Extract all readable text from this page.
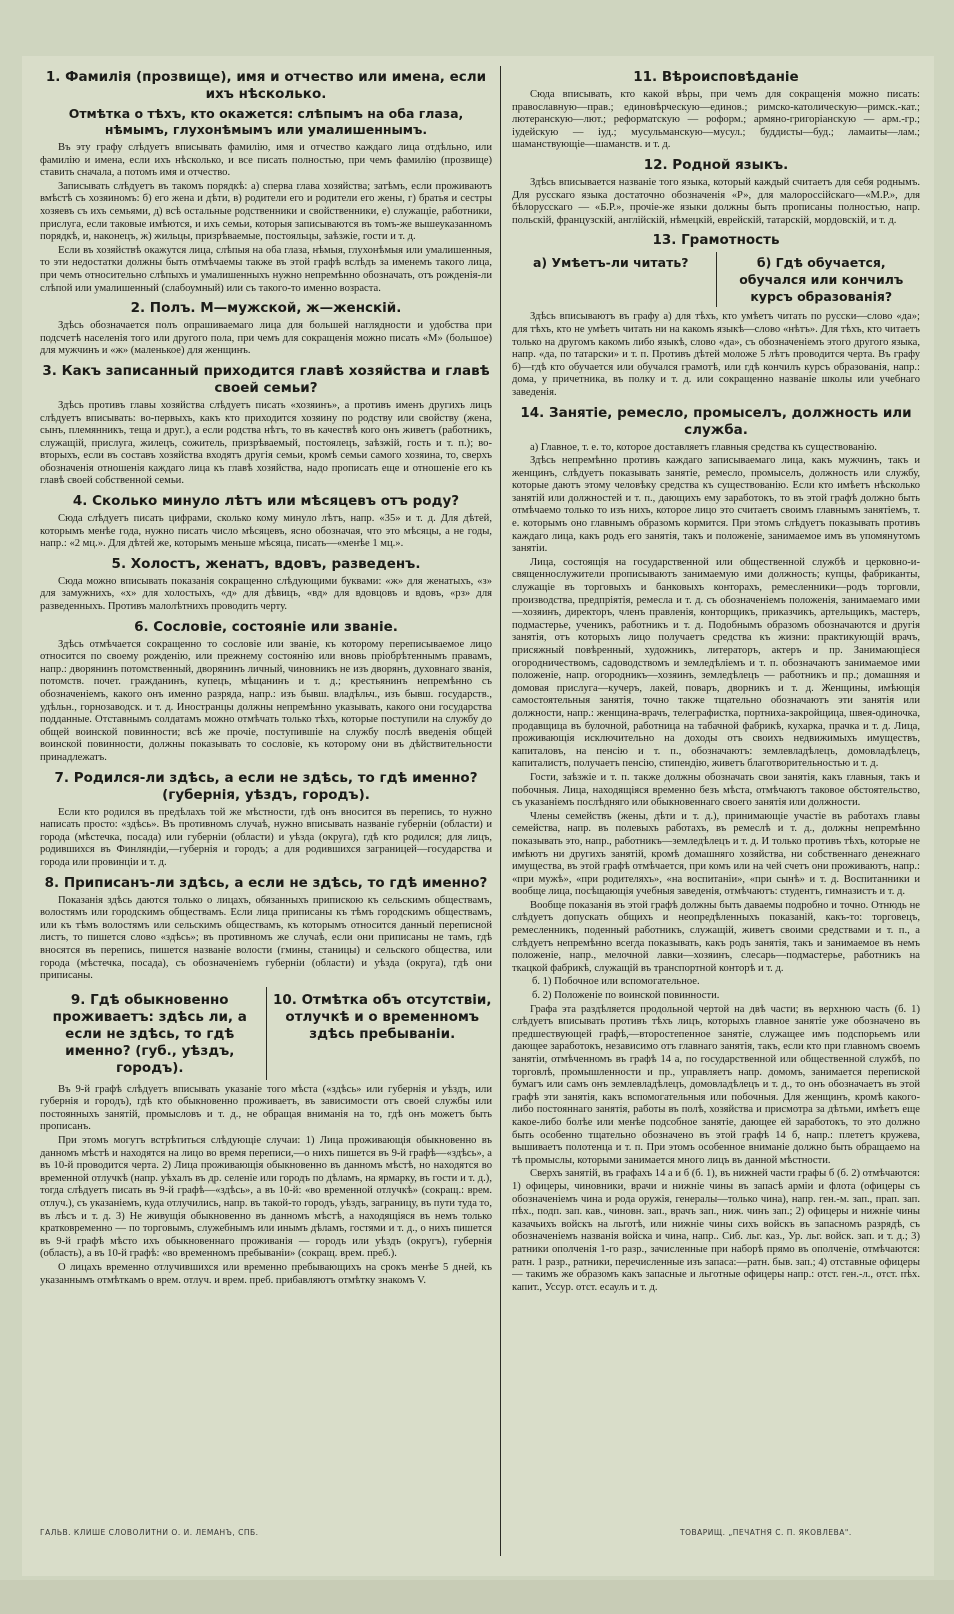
1. Фамилія (прозвище), имя и отчество или имена, если ихъ нѣсколько.
Отмѣтка о тѣхъ, кто окажется: слѣпымъ на оба глаза, нѣмымъ, глухонѣмымъ или умалишеннымъ.

Въ эту графу слѣдуетъ вписывать фамилію, имя и отчество каждаго лица отдѣльно, или фамилію и имена, если ихъ нѣсколько, и все писать полностью, при чемъ фамилію (прозвище) ставить сначала, а потомъ имя и отчество.

Записывать слѣдуетъ въ такомъ порядкѣ: а) сперва глава хозяйства; затѣмъ, если проживаютъ вмѣстѣ съ хозяиномъ: б) его жена и дѣти, в) родители его и родители его жены, г) братья и сестры хозяевъ съ ихъ семьями, д) всѣ остальные родственники и свойственники, е) служащіе, работники, прислуга, если таковые имѣются, и ихъ семьи, которыя записываются въ томъ-же вышеуказанномъ порядкѣ, и, наконецъ, ж) жильцы, призрѣваемые, постояльцы, заѣзжіе, гости и т. д.

Если въ хозяйствѣ окажутся лица, слѣпыя на оба глаза, нѣмыя, глухонѣмыя или умалишенныя, то эти недостатки должны быть отмѣчаемы также въ этой графѣ вслѣдъ за именемъ такого лица, при чемъ относительно слѣпыхъ и умалишенныхъ нужно непремѣнно обозначать, отъ рожденія-ли слѣпой или умалишенный (слабоумный) или съ такого-то именно возраста.

2. Полъ. М—мужской, ж—женскій.

Здѣсь обозначается полъ опрашиваемаго лица для большей наглядности и удобства при подсчетѣ населенія того или другого пола, при чемъ для сокращенія можно писать «М» (большое) для мужчинъ и «ж» (маленькое) для женщинъ.

3. Какъ записанный приходится главѣ хозяйства и главѣ своей семьи?

Здѣсь противъ главы хозяйства слѣдуетъ писать «хозяинъ», а противъ именъ другихъ лицъ слѣдуетъ вписывать: во-первыхъ, какъ кто приходится хозяину по родству или свойству (жена, сынъ, племянникъ, теща и друг.), а если родства нѣтъ, то въ качествѣ кого онъ живетъ (работникъ, служащій, прислуга, жилецъ, сожитель, призрѣваемый, постоялецъ, заѣзжій, гость и т. п.); во-вторыхъ, если въ составъ хозяйства входятъ другія семьи, кромѣ семьи самого хозяина, то, сверхъ обозначенія отношенія каждаго лица къ главѣ хозяйства, надо прописать еще и отношеніе его къ главѣ своей собственной семьи.

4. Сколько минуло лѣтъ или мѣсяцевъ отъ роду?

Сюда слѣдуетъ писать цифрами, сколько кому минуло лѣтъ, напр. «35» и т. д. Для дѣтей, которымъ менѣе года, нужно писать число мѣсяцевъ, ясно обозначая, что это мѣсяцы, а не годы, напр.: «2 мц.». Для дѣтей же, которымъ меньше мѣсяца, писать—«менѣе 1 мц.».

5. Холостъ, женатъ, вдовъ, разведенъ.

Сюда можно вписывать показанія сокращенно слѣдующими буквами: «ж» для женатыхъ, «з» для замужнихъ, «х» для холостыхъ, «д» для дѣвицъ, «вд» для вдовцовъ и вдовъ, «рз» для разведенныхъ. Противъ малолѣтнихъ проводить черту.

6. Сословіе, состояніе или званіе.

Здѣсь отмѣчается сокращенно то сословіе или званіе, къ которому переписываемое лицо относится по своему рожденію, или прежнему состоянію или вновь пріобрѣтеннымъ правамъ, напр.: дворянинъ потомственный, дворянинъ личный, чиновникъ не изъ дворянъ, духовнаго званія, потомств. почет. гражданинъ, купецъ, мѣщанинъ и т. д.; крестьянинъ непремѣнно съ обозначеніемъ, какого онъ именно разряда, напр.: изъ бывш. владѣльч., изъ бывш. государств., удѣльн., горнозаводск. и т. д. Иностранцы должны непремѣнно указывать, какого они государства подданные. Отставнымъ солдатамъ можно отмѣчать только тѣхъ, которые поступили на службу до общей воинской повинности; всѣ же прочіе, поступившіе на службу послѣ введенія общей воинской повинности, должны показывать то сословіе, къ которому они въ дѣйствительности принадлежатъ.

7. Родился-ли здѣсь, а если не здѣсь, то гдѣ именно? (губернія, уѣздъ, городъ).

Если кто родился въ предѣлахъ той же мѣстности, гдѣ онъ вносится въ перепись, то нужно написать просто: «здѣсь». Въ противномъ случаѣ, нужно вписывать названіе губерніи (области) и города (мѣстечка, посада) или губерніи (области) и уѣзда (округа), гдѣ кто родился; для лицъ, родившихся въ Финляндіи,—губернія и городъ; а для родившихся заграницей—государства и города или провинціи и т. д.

8. Приписанъ-ли здѣсь, а если не здѣсь, то гдѣ именно?

Показанія здѣсь даются только о лицахъ, обязанныхъ припискою къ сельскимъ обществамъ, волостямъ или городскимъ обществамъ. Если лица приписаны къ тѣмъ городскимъ обществамъ, или къ тѣмъ волостямъ или сельскимъ обществамъ, къ которымъ относится данный переписной листъ, то пишется слово «здѣсь»; въ противномъ же случаѣ, если они приписаны не тамъ, гдѣ вносятся въ перепись, пишется названіе волости (гмины, станицы) и сельского общества, или города (мѣстечка, посада), съ обозначеніемъ губерніи (области) и уѣзда (округа), гдѣ они приписаны.

9. Гдѣ обыкновенно проживаетъ: здѣсь ли, а если не здѣсь, то гдѣ именно? (губ., уѣздъ, городъ).
10. Отмѣтка объ отсутствіи, отлучкѣ и о временномъ здѣсь пребываніи.

Въ 9-й графѣ слѣдуетъ вписывать указаніе того мѣста («здѣсь» или губернія и уѣздъ, или губернія и городъ), гдѣ кто обыкновенно проживаетъ, въ зависимости отъ своей службы или постоянныхъ занятій, промысловъ и т. д., не обращая вниманія на то, гдѣ онъ можетъ быть прописанъ.

При этомъ могутъ встрѣтиться слѣдующіе случаи: 1) Лица проживающія обыкновенно въ данномъ мѣстѣ и находятся на лицо во время переписи,—о нихъ пишется въ 9-й графѣ—«здѣсь», а въ 10-й проводится черта. 2) Лица проживающія обыкновенно въ данномъ мѣстѣ, но находятся во временной отлучкѣ (напр. уѣхалъ въ др. селеніе или городъ по дѣламъ, на ярмарку, въ гости и т. д.), тогда слѣдуетъ писать въ 9-й графѣ—«здѣсь», а въ 10-й: «во временной отлучкѣ» (сокращ.: врем. отлуч.), съ указаніемъ, куда отлучились, напр. въ такой-то городъ, уѣздъ, заграницу, въ пути туда то, въ лѣсъ и т. д. 3) Не живущія обыкновенно въ данномъ мѣстѣ, а находящіяся въ немъ только кратковременно — по торговымъ, служебнымъ или инымъ дѣламъ, гостями и т. д., о нихъ пишется въ 9-й графѣ мѣсто ихъ обыкновеннаго проживанія — городъ или уѣздъ (округъ), губернія (область), а въ 10-й графѣ: «во временномъ пребываніи» (сокращ. врем. преб.).

О лицахъ временно отлучившихся или временно пребывающихъ на срокъ менѣе 5 дней, къ указаннымъ отмѣткамъ о врем. отлуч. и врем. преб. прибавляютъ отмѣтку знакомъ V.

11. Вѣроисповѣданіе

Сюда вписывать, кто какой вѣры, при чемъ для сокращенія можно писать: православную—прав.; единовѣрческую—единов.; римско-католическую—римск.-кат.; лютеранскую—лют.; реформатскую — роформ.; армяно-григоріанскую — арм.-гр.; іудейскую — іуд.; мусульманскую—мусул.; буддисты—буд.; ламаиты—лам.; шаманствующіе—шаманств. и т. д.

12. Родной языкъ.

Здѣсь вписывается названіе того языка, который каждый считаетъ для себя роднымъ. Для русскаго языка достаточно обозначенія «Р», для малороссійскаго—«М.Р.», для бѣлорусскаго — «Б.Р.», прочіе-же языки должны быть прописаны полностью, напр. польскій, французскій, англійскій, нѣмецкій, еврейскій, татарскій, мордовскій, и т. д.

13. Грамотность
а) Умѣетъ-ли читать?	б) Гдѣ обучается, обучался или кончилъ курсъ образованія?

Здѣсь вписываютъ въ графу а) для тѣхъ, кто умѣетъ читать по русски—слово «да»; для тѣхъ, кто не умѣетъ читать ни на какомъ языкѣ—слово «нѣтъ». Для тѣхъ, кто читаетъ только на другомъ какомъ либо языкѣ, слово «да», съ обозначеніемъ этого другого языка, напр. «да, по татарски» и т. п. Противъ дѣтей моложе 5 лѣтъ проводится черта. Въ графу б)—гдѣ кто обучается или обучался грамотѣ, или гдѣ кончилъ курсъ образованія, напр.: дома, у причетника, въ полку и т. д. или сокращенно названіе школы или учебнаго заведенія.

14. Занятіе, ремесло, промыселъ, должность или служба.

а) Главное, т. е. то, которое доставляетъ главныя средства къ существованію.

Здѣсь непремѣнно противъ каждаго записываемаго лица, какъ мужчинъ, такъ и женщинъ, слѣдуетъ показывать занятіе, ремесло, промыселъ, должность или службу, которые даютъ этому человѣку средства къ существованію. Если кто имѣетъ нѣсколько занятій или должностей и т. п., дающихъ ему заработокъ, то въ этой графѣ должно быть отмѣчаемо только то изъ нихъ, которое лицо это считаетъ своимъ главнымъ занятіемъ, т. е. которымъ оно главнымъ образомъ кормится. При этомъ слѣдуетъ показывать противъ каждаго лица, какъ родъ его занятія, такъ и положеніе, занимаемое имъ въ упомянутомъ занятіи.

Лица, состоящія на государственной или общественной службѣ и церковно-и-священнослужители прописываютъ занимаемую ими должность; купцы, фабриканты, служащіе въ торговыхъ и банковыхъ конторахъ, ремесленники—родъ торговли, производства, предпріятія, ремесла и т. д. съ обозначеніемъ положенія, занимаемаго ими—хозяинъ, директоръ, членъ правленія, конторщикъ, приказчикъ, артельщикъ, мастеръ, подмастерье, ученикъ, работникъ и т. д. Подобнымъ образомъ обозначаются и другія занятія, отъ которыхъ лицо получаетъ средства къ жизни: практикующій врачъ, присяжный повѣренный, художникъ, литераторъ, актеръ и пр. Занимающіеся огородничествомъ, садоводствомъ и земледѣліемъ и т. п. обозначаютъ занимаемое ими положеніе, напр. огородникъ—хозяинъ, земледѣлецъ — работникъ и пр.; домашняя и домовая прислуга—кучеръ, лакей, поваръ, дворникъ и т. д. Женщины, имѣющія самостоятельныя занятія, точно также тщательно обозначаютъ эти занятія или должности, напр.: женщина-врачъ, телеграфистка, портниха-закройщица, швея-одиночка, продавщица въ булочной, работница на табачной фабрикѣ, кухарка, прачка и т. д. Лица, проживающія исключительно на доходы отъ своихъ недвижимыхъ имуществъ, капиталовъ, на пенсію и т. п., обозначаютъ: землевладѣлецъ, домовладѣлецъ, капиталистъ, получаетъ пенсію, стипендію, живетъ благотворительностью и т. д.

Гости, заѣзжіе и т. п. также должны обозначать свои занятія, какъ главныя, такъ и побочныя. Лица, находящіяся временно безъ мѣста, отмѣчаютъ таковое обстоятельство, съ указаніемъ послѣдняго или обыкновеннаго своего занятія или должности.

Члены семействъ (жены, дѣти и т. д.), принимающіе участіе въ работахъ главы семейства, напр. въ полевыхъ работахъ, въ ремеслѣ и т. д., должны непремѣнно показывать это, напр., работникъ—земледѣлецъ и т. д. И только противъ тѣхъ, которые не имѣютъ ни другихъ занятій, кромѣ домашняго хозяйства, ни собственнаго денежнаго имущества, въ этой графѣ отмѣчается, при комъ или на чей счетъ они проживаютъ, напр.: «при мужѣ», «при родителяхъ», «на воспитаніи», «при сынѣ» и т. д. Воспитанники и вообще лица, посѣщающія учебныя заведенія, отмѣчаютъ: студентъ, гимназистъ и т. д.

Вообще показанія въ этой графѣ должны быть даваемы подробно и точно. Отнюдь не слѣдуетъ допускать общихъ и неопредѣленныхъ показаній, какъ-то: торговецъ, ремесленникъ, поденный работникъ, служащій, живетъ своими средствами и т. п., а слѣдуетъ непремѣнно всегда показывать, какъ родъ занятія, такъ и занимаемое въ немъ положеніе, напр., мелочной лавки—хозяинъ, слесарь—подмастерье, работникъ на ткацкой фабрикѣ, служащій въ транспортной конторѣ и т. д.

б. 1) Побочное или вспомогательное.

б. 2) Положеніе по воинской повинности.

Графа эта раздѣляется продольной чертой на двѣ части; въ верхнюю часть (б. 1) слѣдуетъ вписывать противъ тѣхъ лицъ, которыхъ главное занятіе уже обозначено въ предшествующей графѣ,—второстепенное занятіе, служащее имъ подспорьемъ или дающее заработокъ, независимо отъ главнаго занятія, такъ, если кто при главномъ своемъ занятіи, отмѣченномъ въ графѣ 14 а, по государственной или общественной службѣ, по торговлѣ, промышленности и пр., управляетъ напр. домомъ, занимается перепиской бумагъ или самъ онъ землевладѣлецъ, домовладѣлецъ и т. д., то онъ обозначаетъ въ этой графѣ эти занятія, какъ вспомогательныя или побочныя. Для женщинъ, кромѣ какого-либо постояннаго занятія, работы въ полѣ, хозяйства и присмотра за дѣтьми, имѣетъ еще какое-либо болѣе или менѣе подсобное занятіе, дающее ей заработокъ, то это должно быть особенно тщательно обозначено въ этой графѣ 14 б, напр.: плететъ кружева, вышиваетъ полотенца и т. п. При этомъ особенное вниманіе должно быть обращаемо на тѣ промыслы, которыми занимается много лицъ въ данной мѣстности.

Сверхъ занятій, въ графахъ 14 а и б (б. 1), въ нижней части графы б (б. 2) отмѣчаются: 1) офицеры, чиновники, врачи и нижніе чины въ запасѣ арміи и флота (офицеры съ обозначеніемъ чина и рода оружія, генералы—только чина), напр. ген.-м. зап., прап. зап. пѣх., подп. зап. кав., чиновн. зап., врачъ зап., ниж. чинъ зап.; 2) офицеры и нижніе чины казачьихъ войскъ на льготѣ, или нижніе чины сихъ войскъ въ запасномъ разрядѣ, съ обозначеніемъ названія войска и чина, напр.. Сиб. льг. каз., Ур. льг. войск. зап. и т. д.; 3) ратники ополченія 1-го разр., зачисленные при наборѣ прямо въ ополченіе, отмѣчаются: ратн. 1 разр., ратники, перечисленные изъ запаса:—ратн. быв. зап.; 4) отставные офицеры — такимъ же образомъ какъ запасные и льготные офицеры напр.: отст. ген.-л., отст. пѣх. капит., Уссур. отст. есаулъ и т. д.

ГАЛЬВ. КЛИШЕ СЛОВОЛИТНИ О. И. ЛЕМАНЪ, СПБ.	ТОВАРИЩ. „ПЕЧАТНЯ С. П. ЯКОВЛЕВА".
